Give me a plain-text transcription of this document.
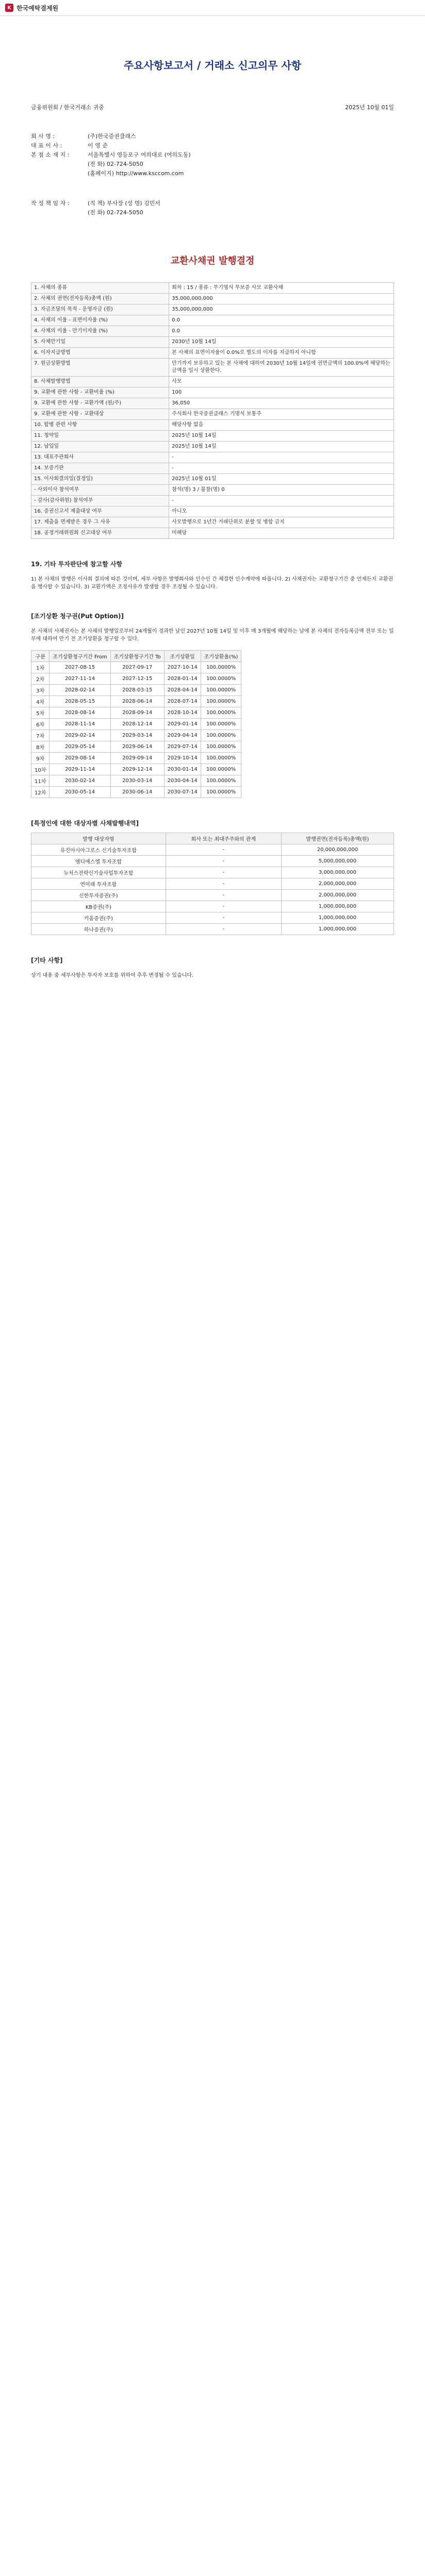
K 한국예탁결제원
주요사항보고서 / 거래소 신고의무 사항
금융위원회 / 한국거래소 귀중	2025년 10월 01일
회 사 명 :	(주)한국증권클래스
대 표 이 사 :	이 영 준
본 점 소 재 지 :	서울특별시 영등포구 여의대로 (여의도동)
(전 화) 02-724-5050
(홈페이지) http://www.ksccom.com
작 성 책 임 자 :	(직 책) 부사장 (성 명) 김민서
(전 화) 02-724-5050
교환사채권 발행결정
1. 사채의 종류	회차 : 15 / 종류 : 무기명식 무보증 사모 교환사채
2. 사채의 권면(전자등록)총액 (원)	35,000,000,000
3. 자금조달의 목적 - 운영자금 (원)	35,000,000,000
4. 사채의 이율 - 표면이자율 (%)	0.0
4. 사채의 이율 - 만기이자율 (%)	0.0
5. 사채만기일	2030년 10월 14일
6. 이자지급방법	본 사채의 표면이자율이 0.0%로 별도의 이자를 지급하지 아니함
7. 원금상환방법	만기까지 보유하고 있는 본 사채에 대하여 2030년 10월 14일에 권면금액의 100.0%에 해당하는 금액을 일시 상환한다.
8. 사채발행방법	사모
9. 교환에 관한 사항 - 교환비율 (%)	100
9. 교환에 관한 사항 - 교환가액 (원/주)	36,050
9. 교환에 관한 사항 - 교환대상	주식회사 한국증권클래스 기명식 보통주
10. 합병 관련 사항	해당사항 없음
11. 청약일	2025년 10월 14일
12. 납입일	2025년 10월 14일
13. 대표주관회사	-
14. 보증기관	-
15. 이사회결의일(결정일)	2025년 10월 01일
- 사외이사 참석여부	참석(명) 3 / 불참(명) 0
- 감사(감사위원) 참석여부	-
16. 증권신고서 제출대상 여부	아니오
17. 제출을 면제받은 경우 그 사유	사모발행으로 1년간 거래단위로 분할 및 병합 금지
18. 공정거래위원회 신고대상 여부	미해당
19. 기타 투자판단에 참고할 사항
1) 본 사채의 발행은 이사회 결의에 따른 것이며, 세부 사항은 발행회사와 인수인 간 체결한 인수계약에 따릅니다. 2) 사채권자는 교환청구기간 중 언제든지 교환권을 행사할 수 있습니다. 3) 교환가액은 조정사유가 발생할 경우 조정될 수 있습니다.
[조기상환 청구권(Put Option)]
본 사채의 사채권자는 본 사채의 발행일로부터 24개월이 경과한 날인 2027년 10월 14일 및 이후 매 3개월에 해당하는 날에 본 사채의 전자등록금액 전부 또는 일부에 대하여 만기 전 조기상환을 청구할 수 있다.
구분	조기상환청구기간 From	조기상환청구기간 To	조기상환일	조기상환율(%)
1차	2027-08-15	2027-09-17	2027-10-14	100.0000%
2차	2027-11-14	2027-12-15	2028-01-14	100.0000%
3차	2028-02-14	2028-03-15	2028-04-14	100.0000%
4차	2028-05-15	2028-06-14	2028-07-14	100.0000%
5차	2028-08-14	2028-09-14	2028-10-14	100.0000%
6차	2028-11-14	2028-12-14	2029-01-14	100.0000%
7차	2029-02-14	2029-03-14	2029-04-14	100.0000%
8차	2029-05-14	2029-06-14	2029-07-14	100.0000%
9차	2029-08-14	2029-09-14	2029-10-14	100.0000%
10차	2029-11-14	2029-12-14	2030-01-14	100.0000%
11차	2030-02-14	2030-03-14	2030-04-14	100.0000%
12차	2030-05-14	2030-06-14	2030-07-14	100.0000%
[특정인에 대한 대상자별 사채발행내역]
발행 대상자명	회사 또는 최대주주와의 관계	발행권면(전자등록)총액(원)
유진아시아그로스 신기술투자조합	-	20,000,000,000
엠디에스엘 투자조합	-	5,000,000,000
뉴처스전략신기술사업투자조합	-	3,000,000,000
연미래 투자조합	-	2,000,000,000
신한투자증권(주)	-	2,000,000,000
KB증권(주)	-	1,000,000,000
키움증권(주)	-	1,000,000,000
하나증권(주)	-	1,000,000,000
[기타 사항]
상기 내용 중 세부사항은 투자자 보호를 위하여 추후 변경될 수 있습니다.
